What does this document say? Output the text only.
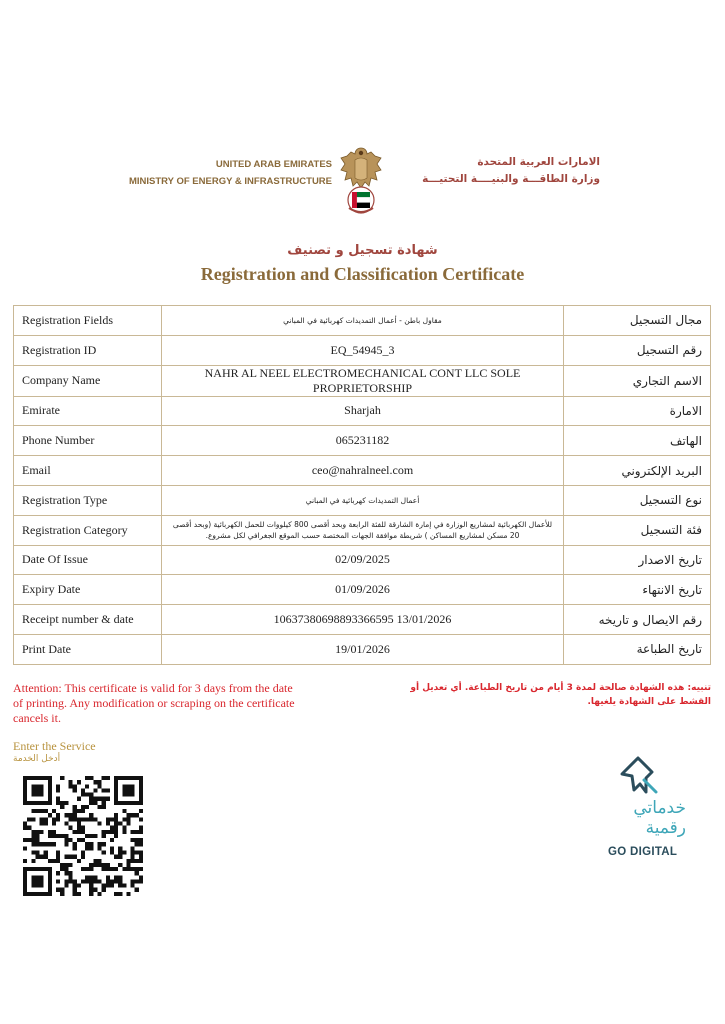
UNITED ARAB EMIRATES
MINISTRY OF ENERGY & INFRASTRUCTURE
الامارات العربية المتحدة
وزارة الطاقـــة والبنيــــة التحتيـــة
شهادة تسجيل و تصنيف
Registration and Classification Certificate
Registration Fields	مقاول باطن - أعمال التمديدات كهربائية في المباني	مجال التسجيل
Registration ID	EQ_54945_3	رقم التسجيل
Company Name	NAHR AL NEEL ELECTROMECHANICAL CONT LLC SOLE PROPRIETORSHIP	الاسم التجاري
Emirate	Sharjah	الامارة
Phone Number	065231182	الهاتف
Email	ceo@nahralneel.com	البريد الإلكتروني
Registration Type	أعمال التمديدات كهربائية في المباني	نوع التسجيل
Registration Category	للأعمال الكهربائية لمشاريع الوزارة في إمارة الشارقة للفئة الرابعة وبحد أقصى 800 كيلووات للحمل الكهربائية (وبحد أقصى 20 مسكن لمشاريع المساكن ) شريطة موافقة الجهات المختصة حسب الموقع الجغرافي لكل مشروع.	فئة التسجيل
Date Of Issue	02/09/2025	تاريخ الاصدار
Expiry Date	01/09/2026	تاريخ الانتهاء
Receipt number & date	10637380698893366595 13/01/2026	رقم الايصال و تاريخه
Print Date	19/01/2026	تاريخ الطباعة
Attention: This certificate is valid for 3 days from the date of printing. Any modification or scraping on the certificate cancels it.
تنبيه: هذه الشهادة صالحة لمدة 3 أيام من تاريخ الطباعة. أي تعديل أو القشط على الشهادة يلغيها.
Enter the Service
أدخل الخدمة
خدماتي
رقمية
GO DIGITAL
